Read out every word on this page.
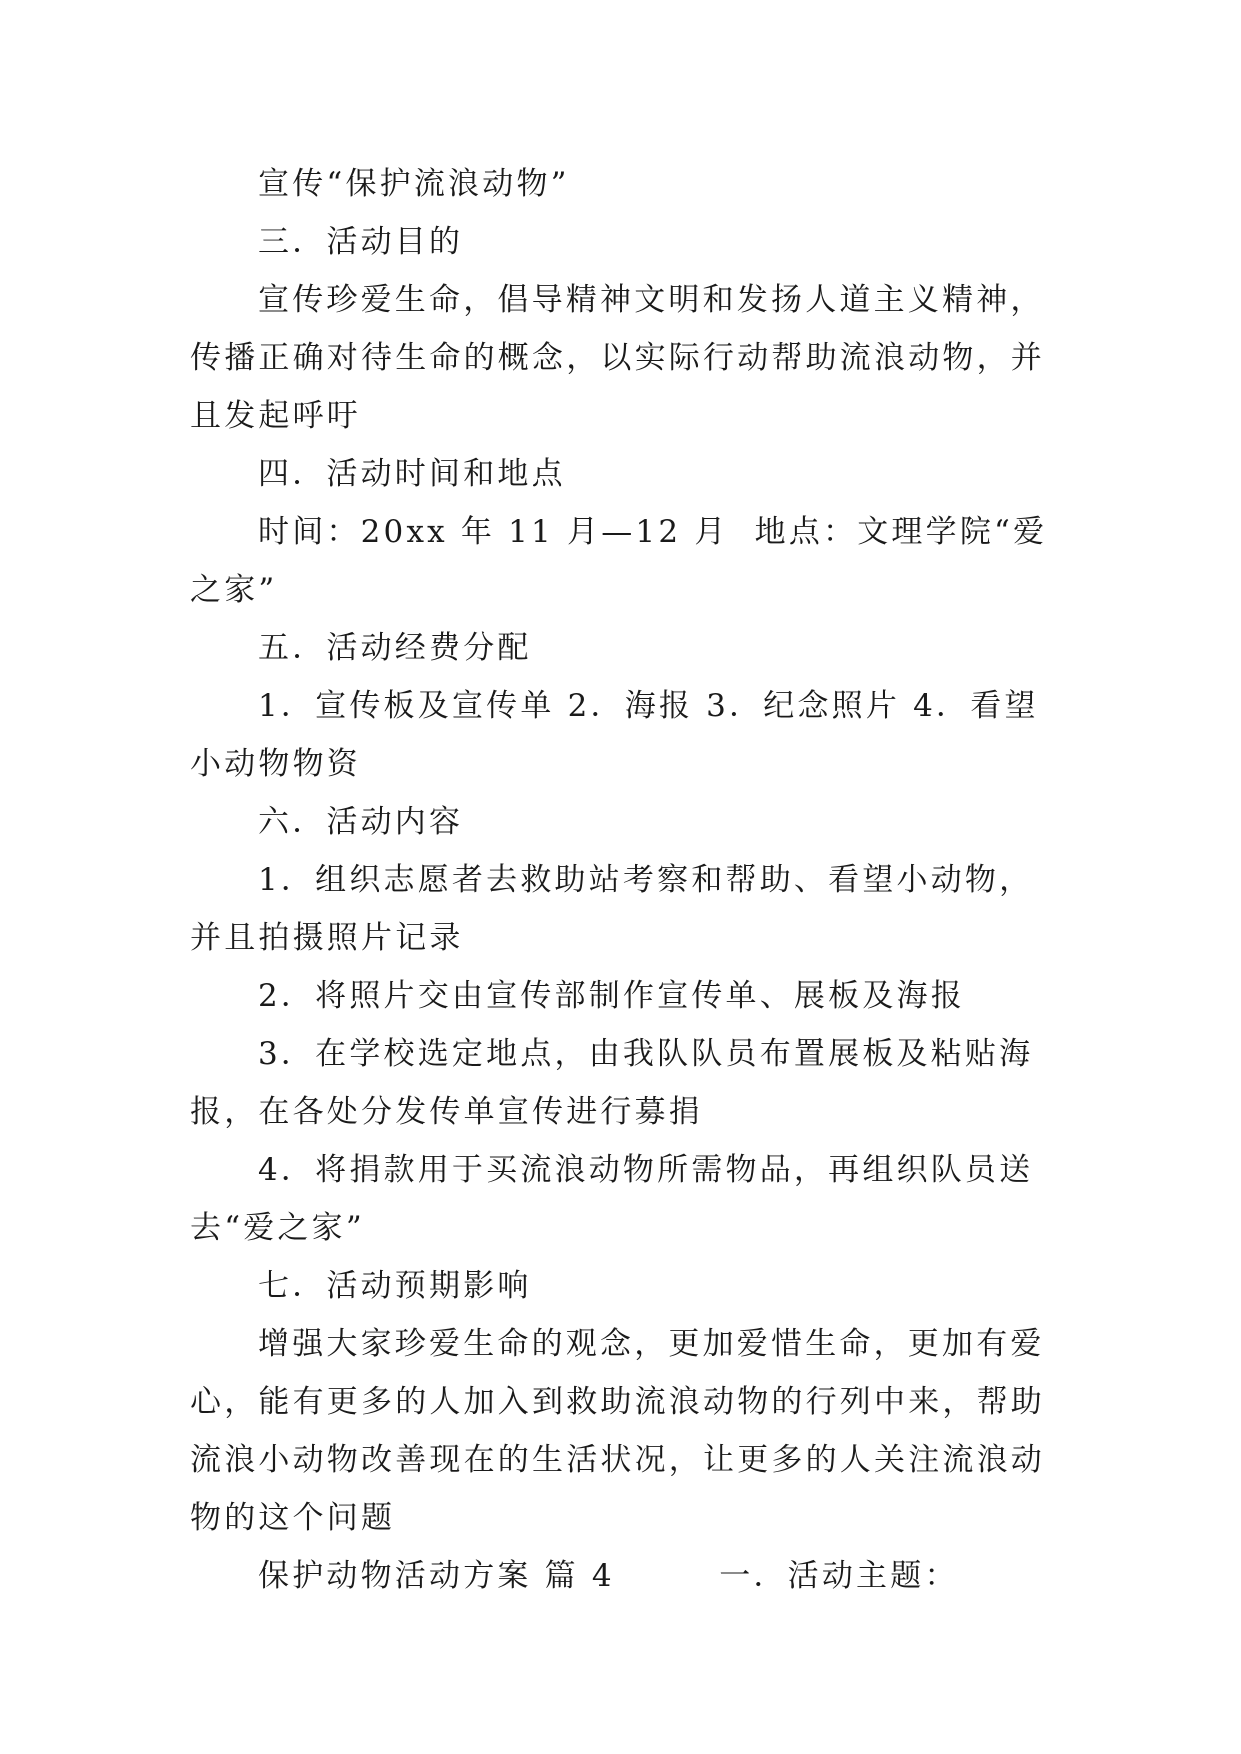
宣传“保护流浪动物”

三．活动目的

宣传珍爱生命，倡导精神文明和发扬人道主义精神，传播正确对待生命的概念，以实际行动帮助流浪动物，并且发起呼吁

四．活动时间和地点

时间：20xx 年 11 月—12 月  地点：文理学院“爱之家”

五．活动经费分配

1．宣传板及宣传单 2．海报 3．纪念照片 4．看望小动物物资

六．活动内容

1．组织志愿者去救助站考察和帮助、看望小动物，并且拍摄照片记录

2．将照片交由宣传部制作宣传单、展板及海报

3．在学校选定地点，由我队队员布置展板及粘贴海报，在各处分发传单宣传进行募捐

4．将捐款用于买流浪动物所需物品，再组织队员送去“爱之家”

七．活动预期影响

增强大家珍爱生命的观念，更加爱惜生命，更加有爱心，能有更多的人加入到救助流浪动物的行列中来，帮助流浪小动物改善现在的生活状况，让更多的人关注流浪动物的这个问题

保护动物活动方案 篇 4        一．活动主题：
